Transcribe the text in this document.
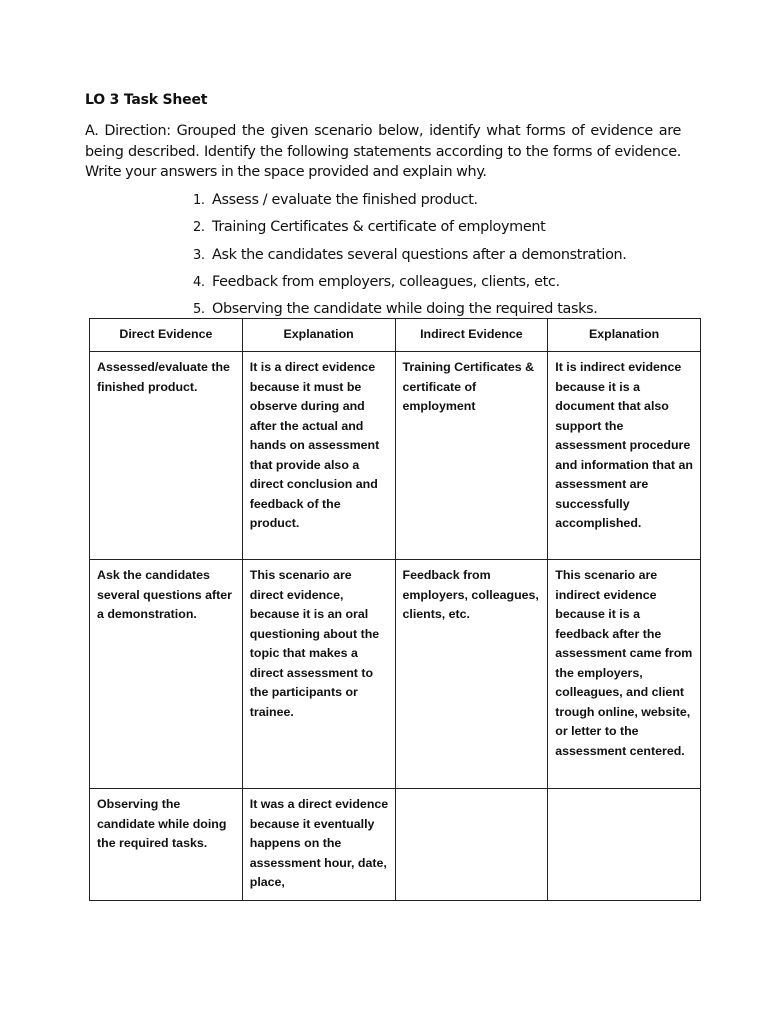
LO 3 Task Sheet
A. Direction: Grouped the given scenario below, identify what forms of evidence are being described. Identify the following statements according to the forms of evidence. Write your answers in the space provided and explain why.
1. Assess / evaluate the finished product.
2. Training Certificates & certificate of employment
3. Ask the candidates several questions after a demonstration.
4. Feedback from employers, colleagues, clients, etc.
5. Observing the candidate while doing the required tasks.
Direct Evidence	Explanation	Indirect Evidence	Explanation
Assessed/evaluate the finished product.	It is a direct evidence because it must be observe during and after the actual and hands on assessment that provide also a direct conclusion and feedback of the product.	Training Certificates & certificate of employment	It is indirect evidence because it is a document that also support the assessment procedure and information that an assessment are successfully accomplished.
Ask the candidates several questions after a demonstration.	This scenario are direct evidence, because it is an oral questioning about the topic that makes a direct assessment to the participants or trainee.	Feedback from employers, colleagues, clients, etc.	This scenario are indirect evidence because it is a feedback after the assessment came from the employers, colleagues, and client trough online, website, or letter to the assessment centered.
Observing the candidate while doing the required tasks.	It was a direct evidence because it eventually happens on the assessment hour, date, place,		
